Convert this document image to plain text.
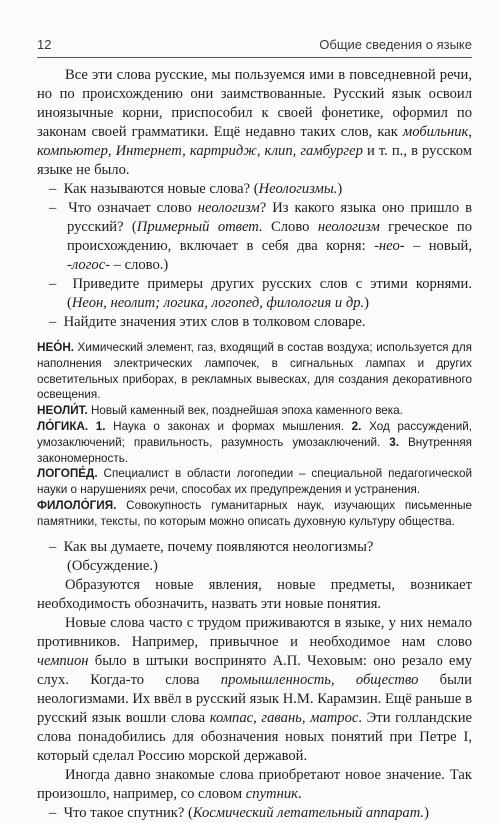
12	Общие сведения о языке

Все эти слова русские, мы пользуемся ими в повседневной речи, но по происхождению они заимствованные. Русский язык освоил иноязычные корни, приспособил к своей фонетике, оформил по законам своей грамматики. Ещё недавно таких слов, как мобильник, компьютер, Интернет, картридж, клип, гамбургер и т. п., в русском языке не было.

– Как называются новые слова? (Неологизмы.)

– Что означает слово неологизм? Из какого языка оно пришло в русский? (Примерный ответ. Слово неологизм греческое по происхождению, включает в себя два корня: -нео- – новый, -логос- – слово.)

– Приведите примеры других русских слов с этими корнями. (Неон, неолит; логика, логопед, филология и др.)

– Найдите значения этих слов в толковом словаре.

НЕО́Н. Химический элемент, газ, входящий в состав воздуха; используется для наполнения электрических лампочек, в сигнальных лампах и других осветительных приборах, в рекламных вывесках, для создания декоративного освещения.

НЕОЛИ́Т. Новый каменный век, позднейшая эпоха каменного века.

ЛО́ГИКА. 1. Наука о законах и формах мышления. 2. Ход рассуждений, умозаключений; правильность, разумность умозаключений. 3. Внутренняя закономерность.

ЛОГОПЕ́Д. Специалист в области логопедии – специальной педагогической науки о нарушениях речи, способах их предупреждения и устранения.

ФИЛОЛО́ГИЯ. Совокупность гуманитарных наук, изучающих письменные памятники, тексты, по которым можно описать духовную культуру общества.

– Как вы думаете, почему появляются неологизмы?

(Обсуждение.)

Образуются новые явления, новые предметы, возникает необходимость обозначить, назвать эти новые понятия.

Новые слова часто с трудом приживаются в языке, у них немало противников. Например, привычное и необходимое нам слово чемпион было в штыки воспринято А.П. Чеховым: оно резало ему слух. Когда-то слова промышленность, общество были неологизмами. Их ввёл в русский язык Н.М. Карамзин. Ещё раньше в русский язык вошли слова компас, гавань, матрос. Эти голландские слова понадобились для обозначения новых понятий при Петре I, который сделал Россию морской державой.

Иногда давно знакомые слова приобретают новое значение. Так произошло, например, со словом спутник.

– Что такое спутник? (Космический летательный аппарат.)
